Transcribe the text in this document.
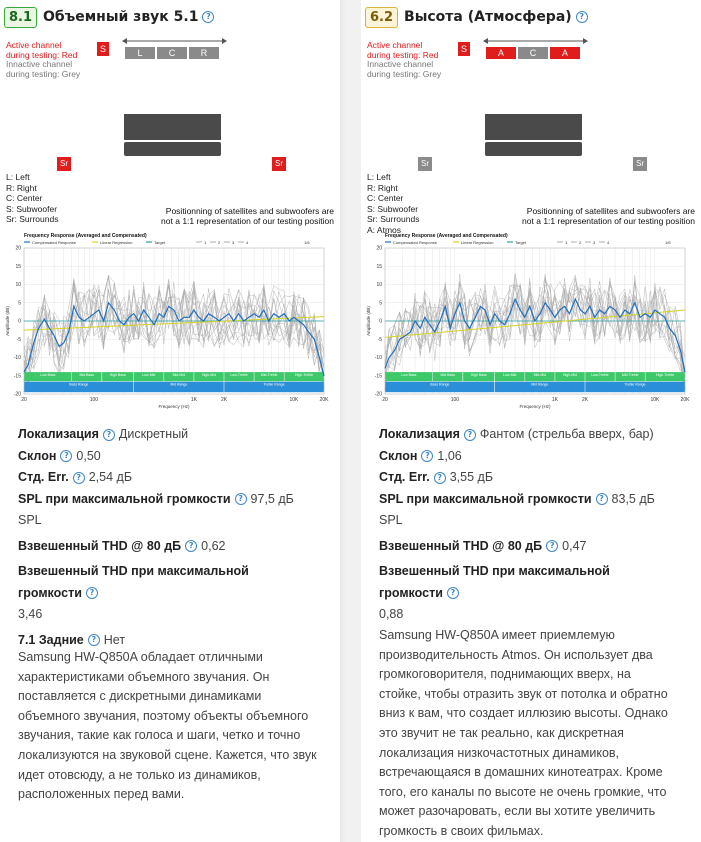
8.1 Объемный звук 5.1 ?
Active channel
during testing: Red
Innactive channel
during testing: Grey
S	L	C	R
Sr	Sr
L: Left
R: Right
C: Center
S: Subwoofer
Sr: Surrounds
Positionning of satellites and subwoofers are
not a 1:1 representation of our testing position
Frequency Response (Averaged and Compensated)
Compensated Response	Linear Regression	Target	1	2	3	4	1/6
20
15
10
5
0
-5
-10
-15
-20
Amplitude (dB)
Low Bass	Mid Bass	High Bass	Low-Mid	Mid-Mid	High-Mid	Low-Treble	Mid-Treble	High-Treble
Bass Range	Mid Range	Treble Range
20	100	1K	2K	10K	20K
Frequency (Hz)
Локализация ? Дискретный
Склон ? 0,50
Стд. Err. ? 2,54 дБ
SPL при максимальной громкости ? 97,5 дБ
SPL
Взвешенный THD @ 80 дБ ? 0,62
Взвешенный THD при максимальной
громкости ?
3,46
7.1 Задние ? Нет
Samsung HW-Q850A обладает отличными
характеристиками объемного звучания. Он
поставляется с дискретными динамиками
объемного звучания, поэтому объекты объемного
звучания, такие как голоса и шаги, четко и точно
локализуются на звуковой сцене. Кажется, что звук
идет отовсюду, а не только из динамиков,
расположенных перед вами.
6.2 Высота (Атмосфера) ?
Active channel
during testing: Red
Innactive channel
during testing: Grey
S	A	C	A
Sr	Sr
L: Left
R: Right
C: Center
S: Subwoofer
Sr: Surrounds
A: Atmos
Positionning of satellites and subwoofers are
not a 1:1 representation of our testing position
Frequency Response (Averaged and Compensated)
Compensated Response	Linear Regression	Target	1	2	3	4	1/6
20
15
10
5
0
-5
-10
-15
-20
Amplitude (dB)
Low Bass	Mid Bass	High Bass	Low-Mid	Mid-Mid	High-Mid	Low-Treble	Mid-Treble	High-Treble
Bass Range	Mid Range	Treble Range
20	100	1K	2K	10K	20K
Frequency (Hz)
Локализация ? Фантом (стрельба вверх, бар)
Склон ? 1,06
Стд. Err. ? 3,55 дБ
SPL при максимальной громкости ? 83,5 дБ
SPL
Взвешенный THD @ 80 дБ ? 0,47
Взвешенный THD при максимальной
громкости ?
0,88
Samsung HW-Q850A имеет приемлемую
производительность Atmos. Он использует два
громкоговорителя, поднимающих вверх, на
стойке, чтобы отразить звук от потолка и обратно
вниз к вам, что создает иллюзию высоты. Однако
это звучит не так реально, как дискретная
локализация низкочастотных динамиков,
встречающаяся в домашних кинотеатрах. Кроме
того, его каналы по высоте не очень громкие, что
может разочаровать, если вы хотите увеличить
громкость в своих фильмах.
